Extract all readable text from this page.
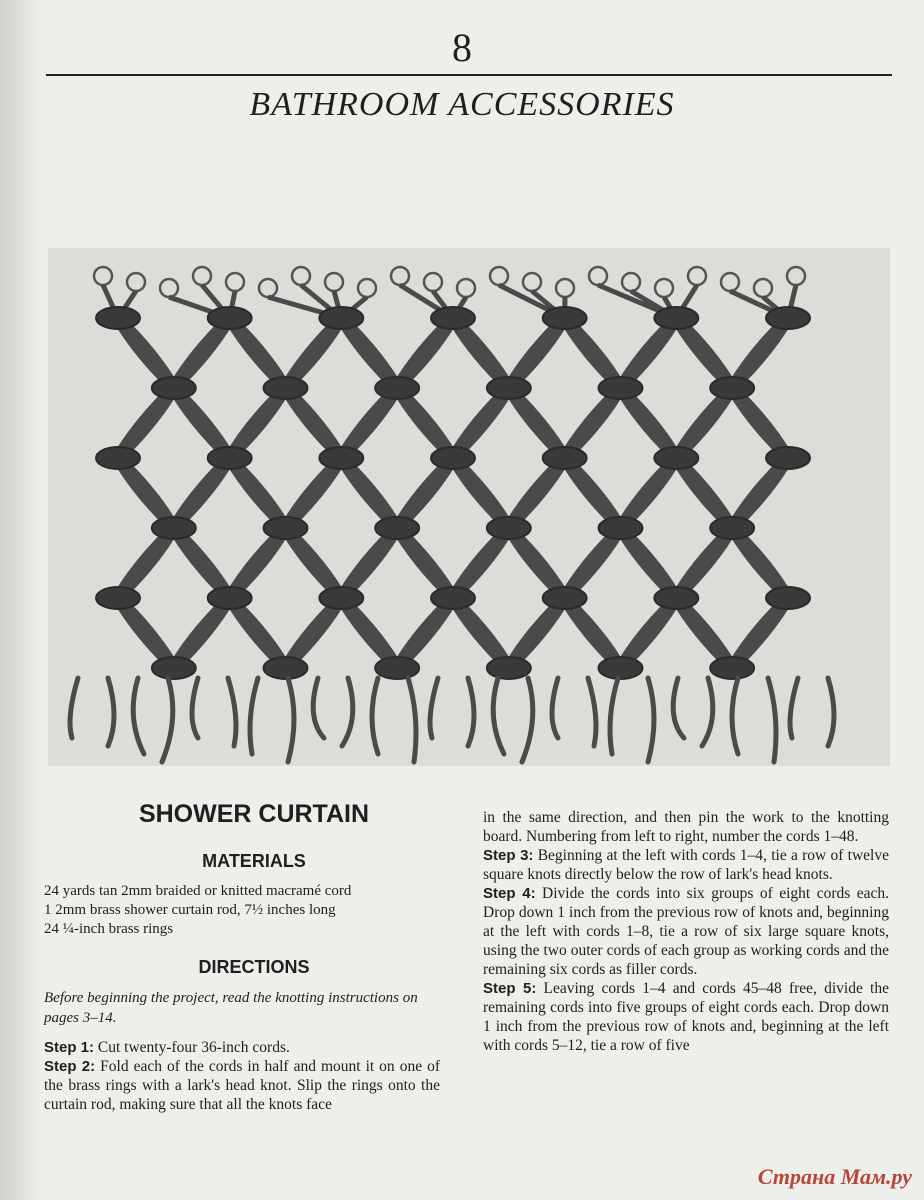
8
BATHROOM ACCESSORIES
SHOWER CURTAIN
MATERIALS
24 yards tan 2mm braided or knitted macramé cord
1 2mm brass shower curtain rod, 7½ inches long
24 ¼-inch brass rings
DIRECTIONS

Before beginning the project, read the knotting instructions on pages 3–14.

Step 1: Cut twenty-four 36-inch cords.

Step 2: Fold each of the cords in half and mount it on one of the brass rings with a lark's head knot. Slip the rings onto the curtain rod, making sure that all the knots face

in the same direction, and then pin the work to the knotting board. Numbering from left to right, number the cords 1–48.

Step 3: Beginning at the left with cords 1–4, tie a row of twelve square knots directly below the row of lark's head knots.

Step 4: Divide the cords into six groups of eight cords each. Drop down 1 inch from the previous row of knots and, beginning at the left with cords 1–8, tie a row of six large square knots, using the two outer cords of each group as working cords and the remaining six cords as filler cords.

Step 5: Leaving cords 1–4 and cords 45–48 free, divide the remaining cords into five groups of eight cords each. Drop down 1 inch from the previous row of knots and, beginning at the left with cords 5–12, tie a row of five

Страна Мам.ру
